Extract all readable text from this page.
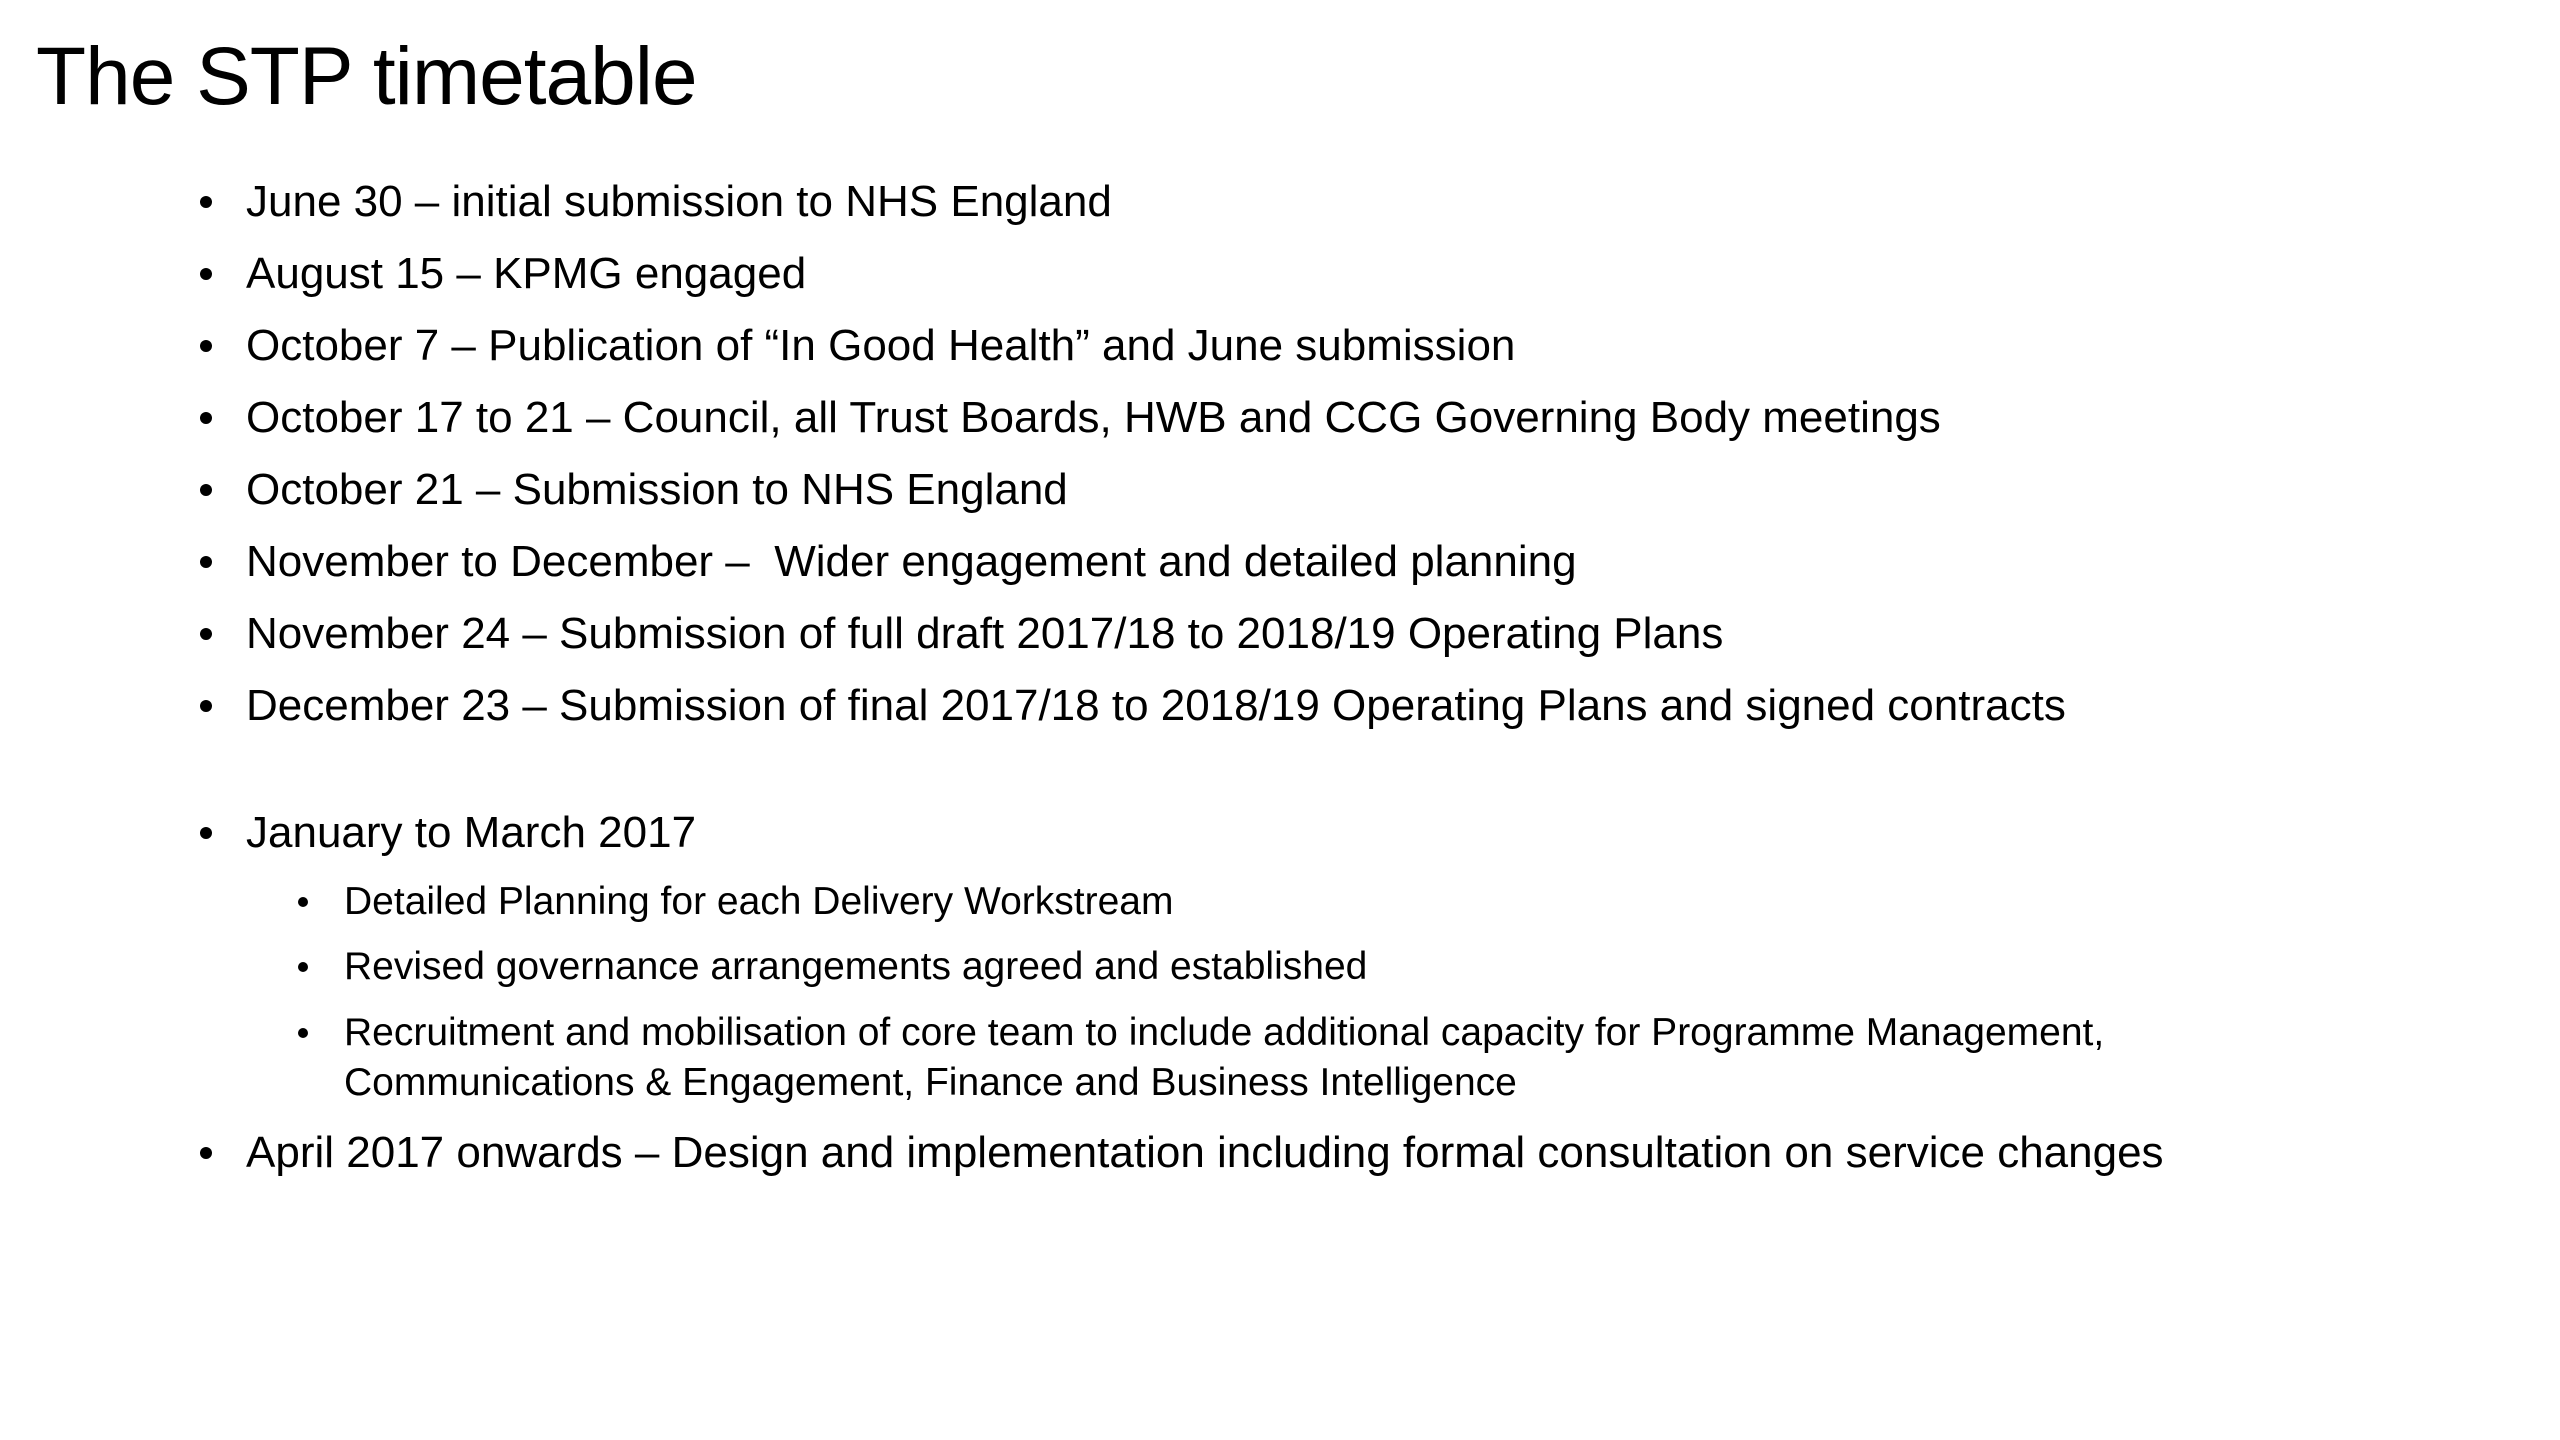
The STP timetable
June 30 – initial submission to NHS England
August 15 – KPMG engaged
October 7 – Publication of “In Good Health” and June submission
October 17 to 21 – Council, all Trust Boards, HWB and CCG Governing Body meetings
October 21 – Submission to NHS England
November to December –  Wider engagement and detailed planning
November 24 – Submission of full draft 2017/18 to 2018/19 Operating Plans
December 23 – Submission of final 2017/18 to 2018/19 Operating Plans and signed contracts
January to March 2017
Detailed Planning for each Delivery Workstream
Revised governance arrangements agreed and established
Recruitment and mobilisation of core team to include additional capacity for Programme Management,
Communications & Engagement, Finance and Business Intelligence
April 2017 onwards – Design and implementation including formal consultation on service changes
